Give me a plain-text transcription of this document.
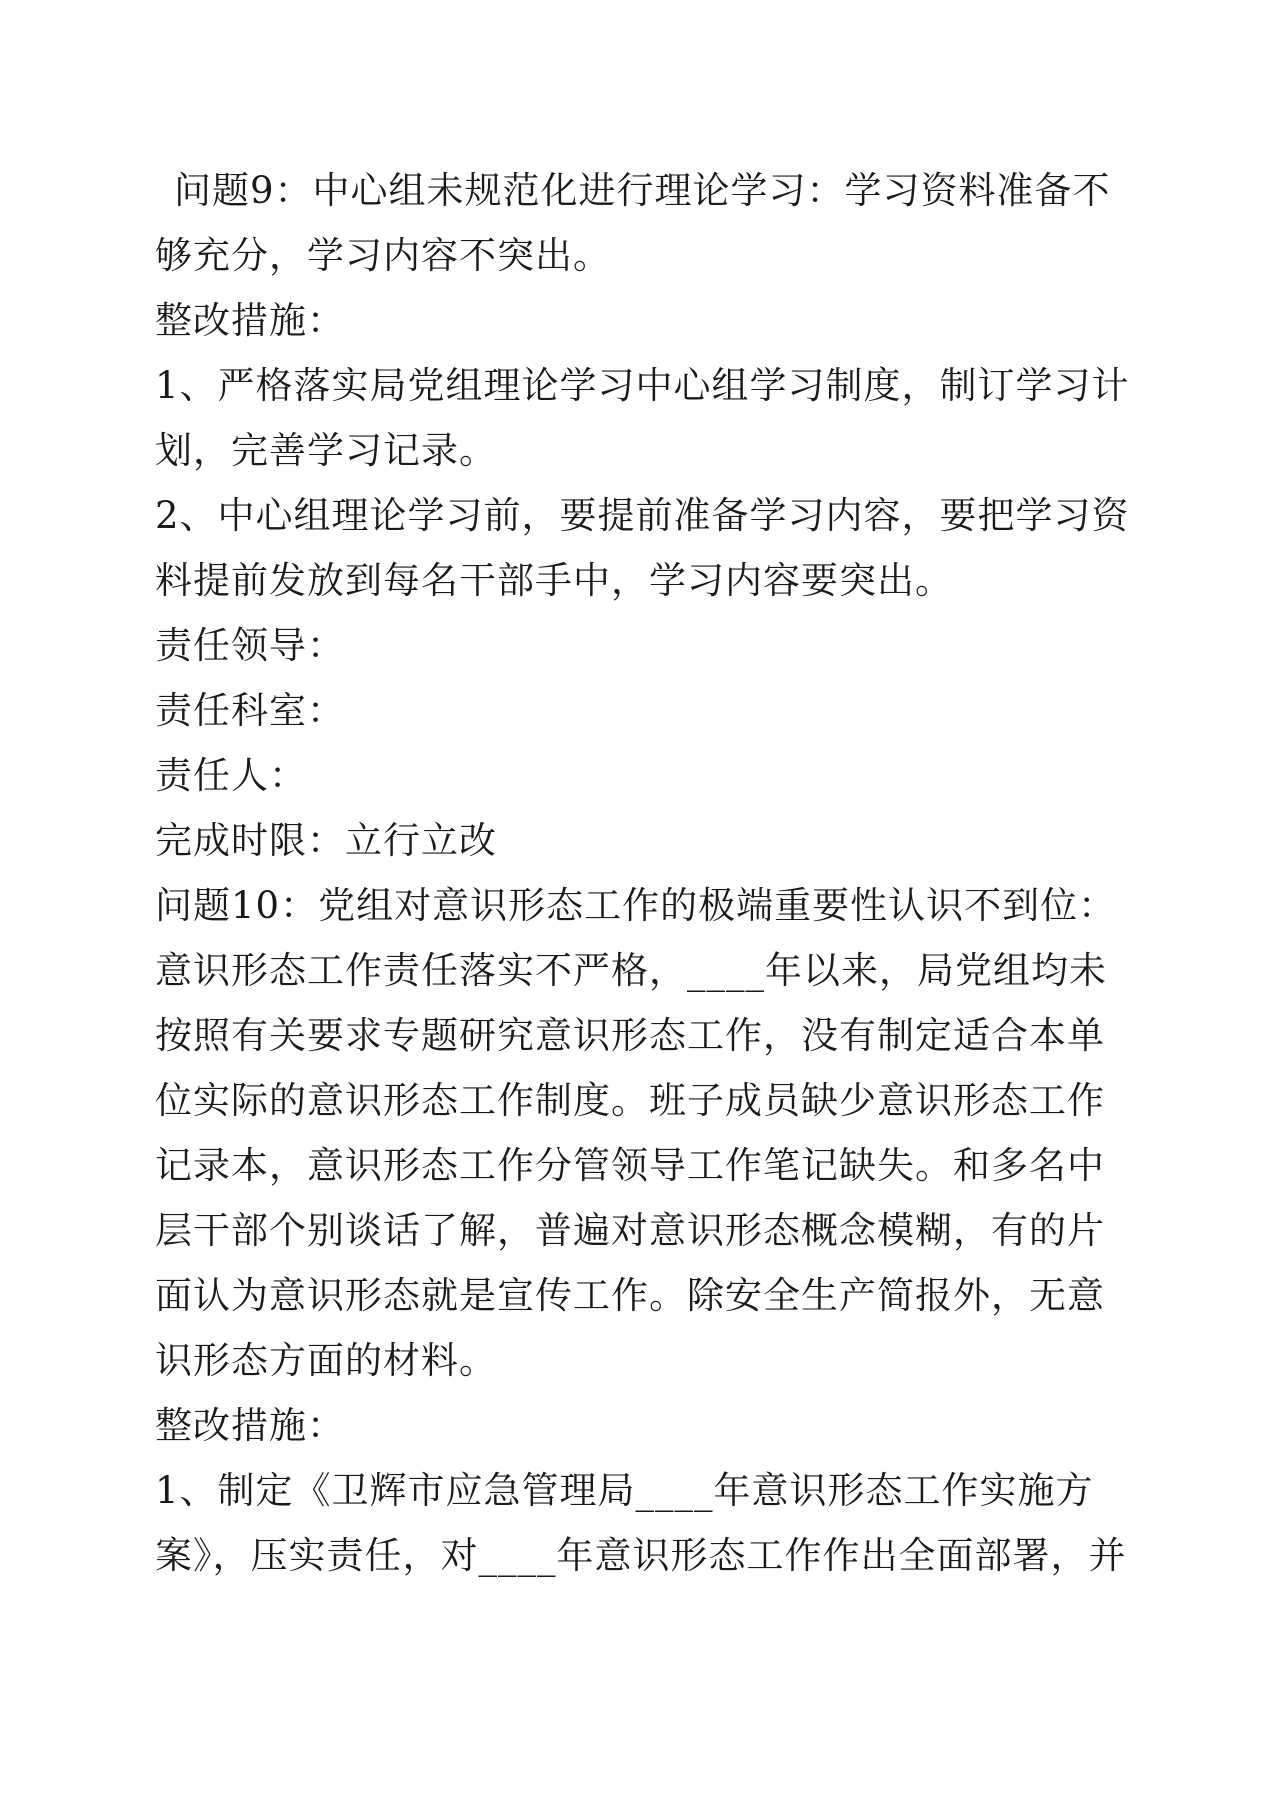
问题9：中心组未规范化进行理论学习：学习资料准备不
够充分，学习内容不突出。
整改措施：
1、严格落实局党组理论学习中心组学习制度，制订学习计
划，完善学习记录。
2、中心组理论学习前，要提前准备学习内容，要把学习资
料提前发放到每名干部手中，学习内容要突出。
责任领导：
责任科室：
责任人：
完成时限：立行立改
问题10：党组对意识形态工作的极端重要性认识不到位：
意识形态工作责任落实不严格，____年以来，局党组均未
按照有关要求专题研究意识形态工作，没有制定适合本单
位实际的意识形态工作制度。班子成员缺少意识形态工作
记录本，意识形态工作分管领导工作笔记缺失。和多名中
层干部个别谈话了解，普遍对意识形态概念模糊，有的片
面认为意识形态就是宣传工作。除安全生产简报外，无意
识形态方面的材料。
整改措施：
1、制定《卫辉市应急管理局____年意识形态工作实施方
案》，压实责任，对____年意识形态工作作出全面部署，并
